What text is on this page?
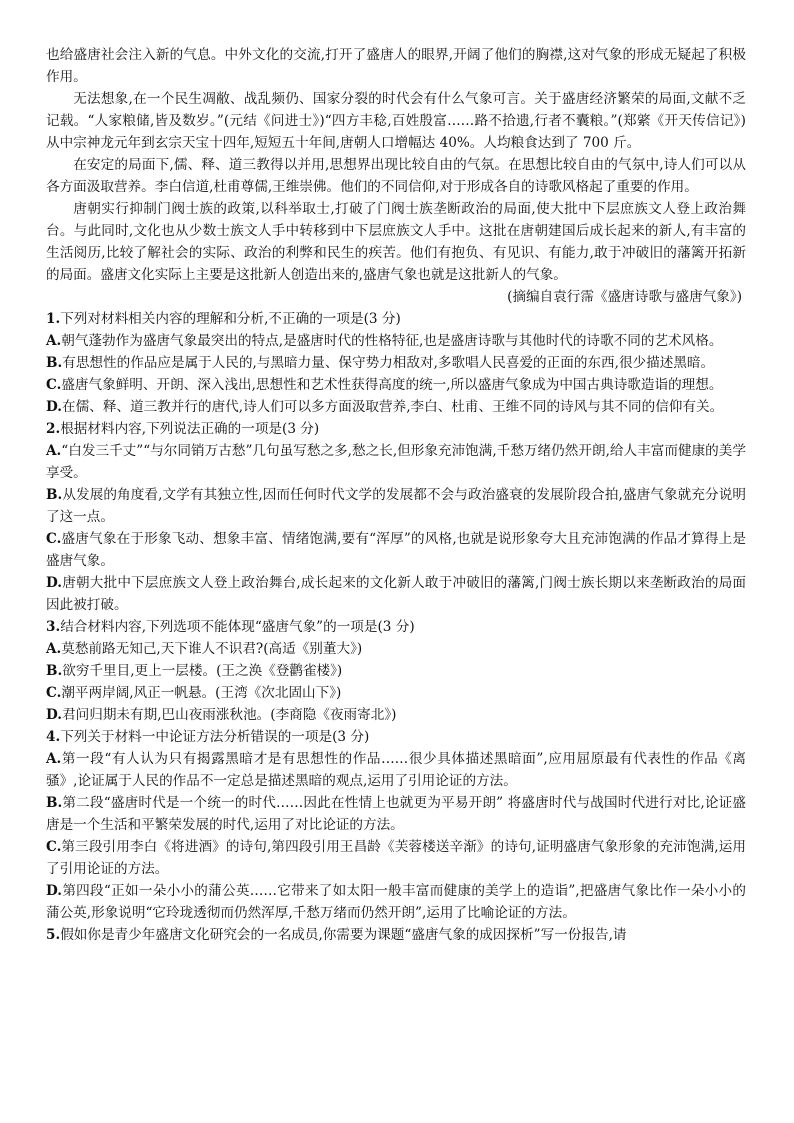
也给盛唐社会注入新的气息。中外文化的交流,打开了盛唐人的眼界,开阔了他们的胸襟,这对气象的形成无疑起了积极作用。

无法想象,在一个民生凋敝、战乱频仍、国家分裂的时代会有什么气象可言。关于盛唐经济繁荣的局面,文献不乏记载。“人家粮储,皆及数岁。”(元结《问进士》)“四方丰稔,百姓殷富……路不拾遗,行者不囊粮。”(郑綮《开天传信记》)从中宗神龙元年到玄宗天宝十四年,短短五十年间,唐朝人口增幅达 40%。人均粮食达到了 700 斤。

在安定的局面下,儒、释、道三教得以并用,思想界出现比较自由的气氛。在思想比较自由的气氛中,诗人们可以从各方面汲取营养。李白信道,杜甫尊儒,王维崇佛。他们的不同信仰,对于形成各自的诗歌风格起了重要的作用。

唐朝实行抑制门阀士族的政策,以科举取士,打破了门阀士族垄断政治的局面,使大批中下层庶族文人登上政治舞台。与此同时,文化也从少数士族文人手中转移到中下层庶族文人手中。这批在唐朝建国后成长起来的新人,有丰富的生活阅历,比较了解社会的实际、政治的利弊和民生的疾苦。他们有抱负、有见识、有能力,敢于冲破旧的藩篱开拓新的局面。盛唐文化实际上主要是这批新人创造出来的,盛唐气象也就是这批新人的气象。

(摘编自袁行霈《盛唐诗歌与盛唐气象》)

1.下列对材料相关内容的理解和分析,不正确的一项是(3 分)

A.朝气蓬勃作为盛唐气象最突出的特点,是盛唐时代的性格特征,也是盛唐诗歌与其他时代的诗歌不同的艺术风格。

B.有思想性的作品应是属于人民的,与黑暗力量、保守势力相敌对,多歌唱人民喜爱的正面的东西,很少描述黑暗。

C.盛唐气象鲜明、开朗、深入浅出,思想性和艺术性获得高度的统一,所以盛唐气象成为中国古典诗歌造诣的理想。

D.在儒、释、道三教并行的唐代,诗人们可以多方面汲取营养,李白、杜甫、王维不同的诗风与其不同的信仰有关。

2.根据材料内容,下列说法正确的一项是(3 分)

A.“白发三千丈”“与尔同销万古愁”几句虽写愁之多,愁之长,但形象充沛饱满,千愁万绪仍然开朗,给人丰富而健康的美学享受。

B.从发展的角度看,文学有其独立性,因而任何时代文学的发展都不会与政治盛衰的发展阶段合拍,盛唐气象就充分说明了这一点。

C.盛唐气象在于形象飞动、想象丰富、情绪饱满,要有“浑厚”的风格,也就是说形象夸大且充沛饱满的作品才算得上是盛唐气象。

D.唐朝大批中下层庶族文人登上政治舞台,成长起来的文化新人敢于冲破旧的藩篱,门阀士族长期以来垄断政治的局面因此被打破。

3.结合材料内容,下列选项不能体现“盛唐气象”的一项是(3 分)

A.莫愁前路无知己,天下谁人不识君?(高适《别董大》)

B.欲穷千里目,更上一层楼。(王之涣《登鹳雀楼》)

C.潮平两岸阔,风正一帆悬。(王湾《次北固山下》)

D.君问归期未有期,巴山夜雨涨秋池。(李商隐《夜雨寄北》)

4.下列关于材料一中论证方法分析错误的一项是(3 分)

A.第一段“有人认为只有揭露黑暗才是有思想性的作品……很少具体描述黑暗面”,应用屈原最有代表性的作品《离骚》,论证属于人民的作品不一定总是描述黑暗的观点,运用了引用论证的方法。

B.第二段“盛唐时代是一个统一的时代……因此在性情上也就更为平易开朗” 将盛唐时代与战国时代进行对比,论证盛唐是一个生活和平繁荣发展的时代,运用了对比论证的方法。

C.第三段引用李白《将进酒》的诗句,第四段引用王昌龄《芙蓉楼送辛渐》的诗句,证明盛唐气象形象的充沛饱满,运用了引用论证的方法。

D.第四段“正如一朵小小的蒲公英……它带来了如太阳一般丰富而健康的美学上的造诣”,把盛唐气象比作一朵小小的蒲公英,形象说明“它玲珑透彻而仍然浑厚,千愁万绪而仍然开朗”,运用了比喻论证的方法。

5.假如你是青少年盛唐文化研究会的一名成员,你需要为课题“盛唐气象的成因探析”写一份报告,请
